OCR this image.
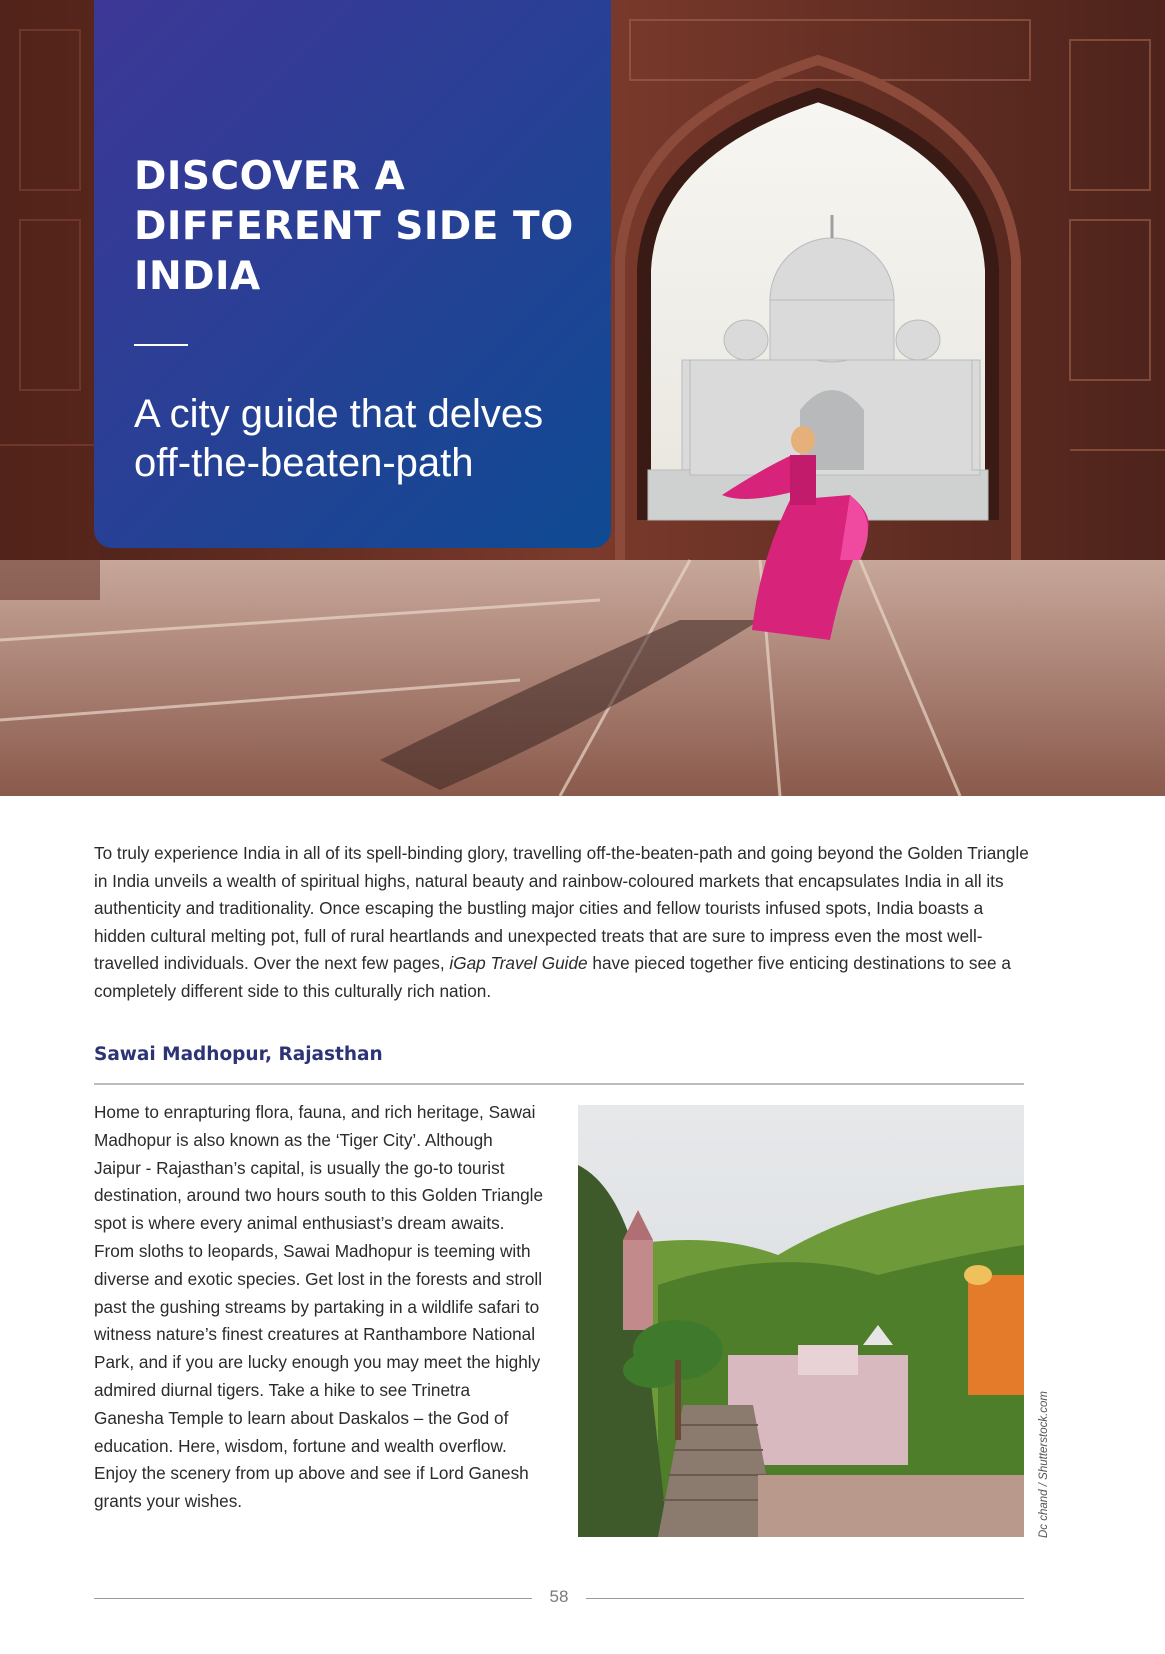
DISCOVER A DIFFERENT SIDE TO INDIA

A city guide that delves off-the-beaten-path

To truly experience India in all of its spell-binding glory, travelling off-the-beaten-path and going beyond the Golden Triangle in India unveils a wealth of spiritual highs, natural beauty and rainbow-coloured markets that encapsulates India in all its authenticity and traditionality. Once escaping the bustling major cities and fellow tourists infused spots, India boasts a hidden cultural melting pot, full of rural heartlands and unexpected treats that are sure to impress even the most well-travelled individuals. Over the next few pages, iGap Travel Guide have pieced together five enticing destinations to see a completely different side to this culturally rich nation.

Sawai Madhopur, Rajasthan

Home to enrapturing flora, fauna, and rich heritage, Sawai Madhopur is also known as the ‘Tiger City’. Although Jaipur - Rajasthan’s capital, is usually the go-to tourist destination, around two hours south to this Golden Triangle spot is where every animal enthusiast’s dream awaits. From sloths to leopards, Sawai Madhopur is teeming with diverse and exotic species. Get lost in the forests and stroll past the gushing streams by partaking in a wildlife safari to witness nature’s finest creatures at Ranthambore National Park, and if you are lucky enough you may meet the highly admired diurnal tigers. Take a hike to see Trinetra Ganesha Temple to learn about Daskalos – the God of education. Here, wisdom, fortune and wealth overflow. Enjoy the scenery from up above and see if Lord Ganesh grants your wishes.	Dc chand / Shutterstock.com
58
